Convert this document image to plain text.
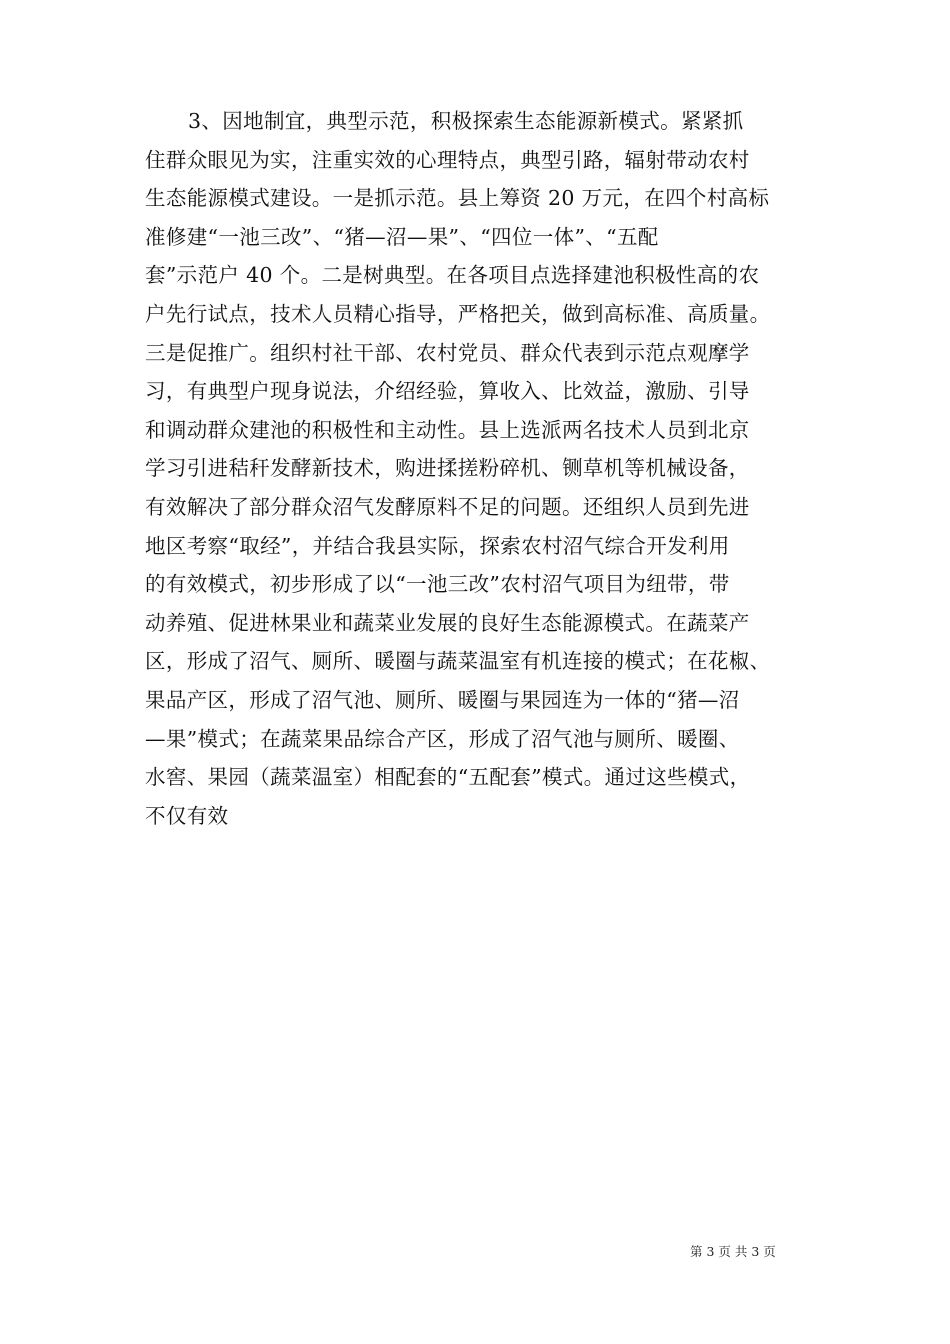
3、因地制宜，典型示范，积极探索生态能源新模式。紧紧抓
住群众眼见为实，注重实效的心理特点，典型引路，辐射带动农村
生态能源模式建设。一是抓示范。县上筹资 20 万元，在四个村高标
准修建“一池三改”、“猪—沼—果”、“四位一体”、“五配
套”示范户 40 个。二是树典型。在各项目点选择建池积极性高的农
户先行试点，技术人员精心指导，严格把关，做到高标准、高质量。
三是促推广。组织村社干部、农村党员、群众代表到示范点观摩学
习，有典型户现身说法，介绍经验，算收入、比效益，激励、引导
和调动群众建池的积极性和主动性。县上选派两名技术人员到北京
学习引进秸秆发酵新技术，购进揉搓粉碎机、铡草机等机械设备，
有效解决了部分群众沼气发酵原料不足的问题。还组织人员到先进
地区考察“取经”，并结合我县实际，探索农村沼气综合开发利用
的有效模式，初步形成了以“一池三改”农村沼气项目为纽带，带
动养殖、促进林果业和蔬菜业发展的良好生态能源模式。在蔬菜产
区，形成了沼气、厕所、暖圈与蔬菜温室有机连接的模式；在花椒、
果品产区，形成了沼气池、厕所、暖圈与果园连为一体的“猪—沼
—果”模式；在蔬菜果品综合产区，形成了沼气池与厕所、暖圈、
水窖、果园（蔬菜温室）相配套的“五配套”模式。通过这些模式，
不仅有效
第 3 页 共 3 页
